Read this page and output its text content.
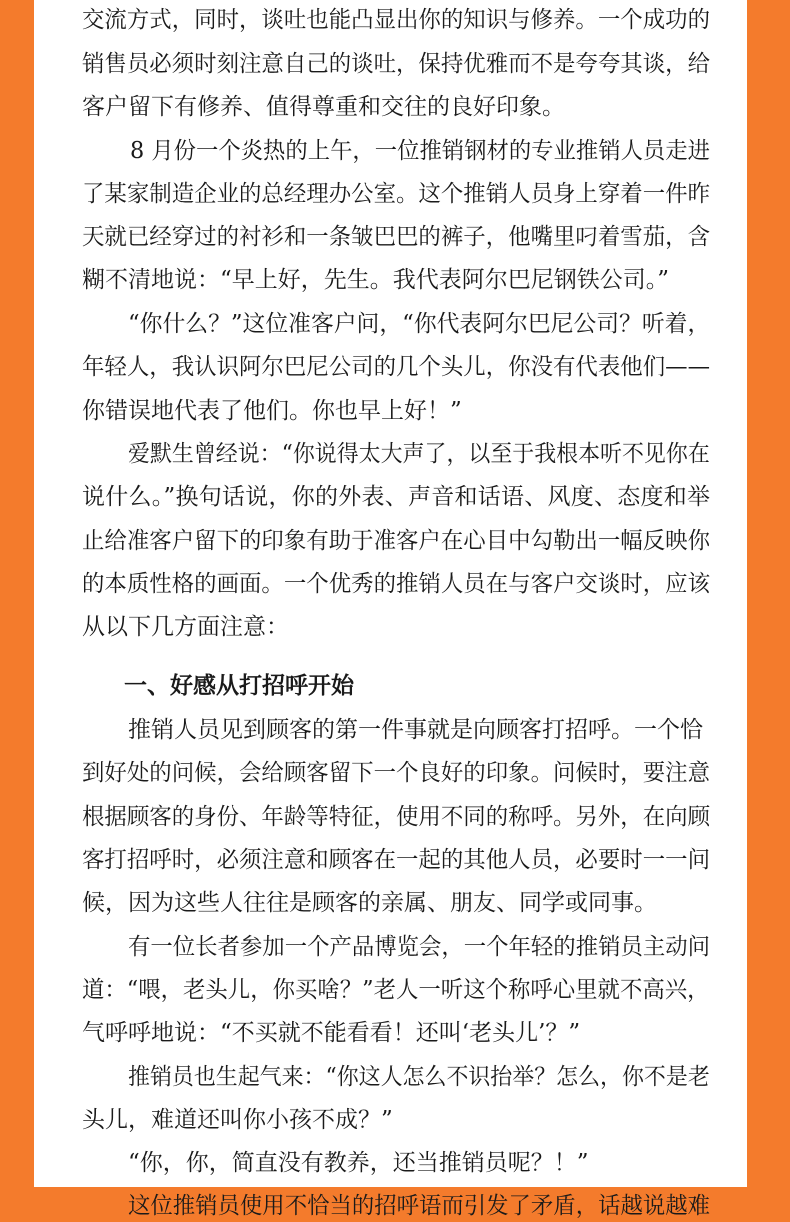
交流方式，同时，谈吐也能凸显出你的知识与修养。一个成功的
销售员必须时刻注意自己的谈吐，保持优雅而不是夸夸其谈，给
客户留下有修养、值得尊重和交往的良好印象。
8 月份一个炎热的上午，一位推销钢材的专业推销人员走进
了某家制造企业的总经理办公室。这个推销人员身上穿着一件昨
天就已经穿过的衬衫和一条皱巴巴的裤子，他嘴里叼着雪茄，含
糊不清地说：“早上好，先生。我代表阿尔巴尼钢铁公司。”
“你什么？”这位准客户问，“你代表阿尔巴尼公司？听着，
年轻人，我认识阿尔巴尼公司的几个头儿，你没有代表他们——
你错误地代表了他们。你也早上好！”
爱默生曾经说：“你说得太大声了，以至于我根本听不见你在
说什么。”换句话说，你的外表、声音和话语、风度、态度和举
止给准客户留下的印象有助于准客户在心目中勾勒出一幅反映你
的本质性格的画面。一个优秀的推销人员在与客户交谈时，应该
从以下几方面注意：
一、好感从打招呼开始
推销人员见到顾客的第一件事就是向顾客打招呼。一个恰
到好处的问候，会给顾客留下一个良好的印象。问候时，要注意
根据顾客的身份、年龄等特征，使用不同的称呼。另外，在向顾
客打招呼时，必须注意和顾客在一起的其他人员，必要时一一问
候，因为这些人往往是顾客的亲属、朋友、同学或同事。
有一位长者参加一个产品博览会，一个年轻的推销员主动问
道：“喂，老头儿，你买啥？”老人一听这个称呼心里就不高兴，
气呼呼地说：“不买就不能看看！还叫‘老头儿’？”
推销员也生起气来：“你这人怎么不识抬举？怎么，你不是老
头儿，难道还叫你小孩不成？”
“你，你，简直没有教养，还当推销员呢？！”
这位推销员使用不恰当的招呼语而引发了矛盾，话越说越难
